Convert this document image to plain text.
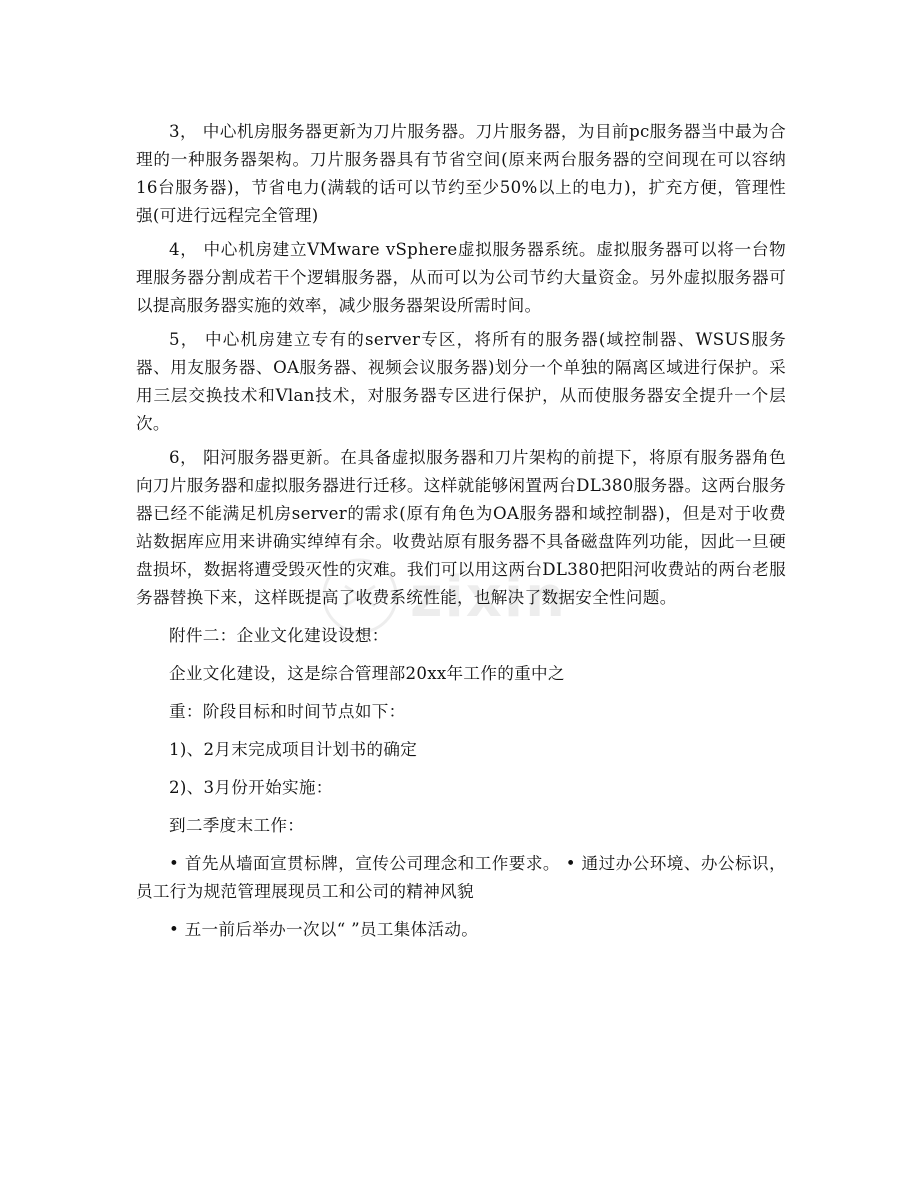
zixin

3， 中心机房服务器更新为刀片服务器。刀片服务器，为目前pc服务器当中最为合理的一种服务器架构。刀片服务器具有节省空间(原来两台服务器的空间现在可以容纳16台服务器)，节省电力(满载的话可以节约至少50%以上的电力)，扩充方便，管理性强(可进行远程完全管理)

4， 中心机房建立VMware vSphere虚拟服务器系统。虚拟服务器可以将一台物理服务器分割成若干个逻辑服务器，从而可以为公司节约大量资金。另外虚拟服务器可以提高服务器实施的效率，减少服务器架设所需时间。

5， 中心机房建立专有的server专区，将所有的服务器(域控制器、WSUS服务器、用友服务器、OA服务器、视频会议服务器)划分一个单独的隔离区域进行保护。采用三层交换技术和Vlan技术，对服务器专区进行保护，从而使服务器安全提升一个层次。

6， 阳河服务器更新。在具备虚拟服务器和刀片架构的前提下，将原有服务器角色向刀片服务器和虚拟服务器进行迁移。这样就能够闲置两台DL380服务器。这两台服务器已经不能满足机房server的需求(原有角色为OA服务器和域控制器)，但是对于收费站数据库应用来讲确实绰绰有余。收费站原有服务器不具备磁盘阵列功能，因此一旦硬盘损坏，数据将遭受毁灭性的灾难。我们可以用这两台DL380把阳河收费站的两台老服务器替换下来，这样既提高了收费系统性能，也解决了数据安全性问题。

附件二：企业文化建设设想：

企业文化建设，这是综合管理部20xx年工作的重中之

重：阶段目标和时间节点如下：

1)、2月末完成项目计划书的确定

2)、3月份开始实施：

到二季度末工作：

• 首先从墙面宣贯标牌，宣传公司理念和工作要求。 • 通过办公环境、办公标识，员工行为规范管理展现员工和公司的精神风貌

• 五一前后举办一次以“ ”员工集体活动。
